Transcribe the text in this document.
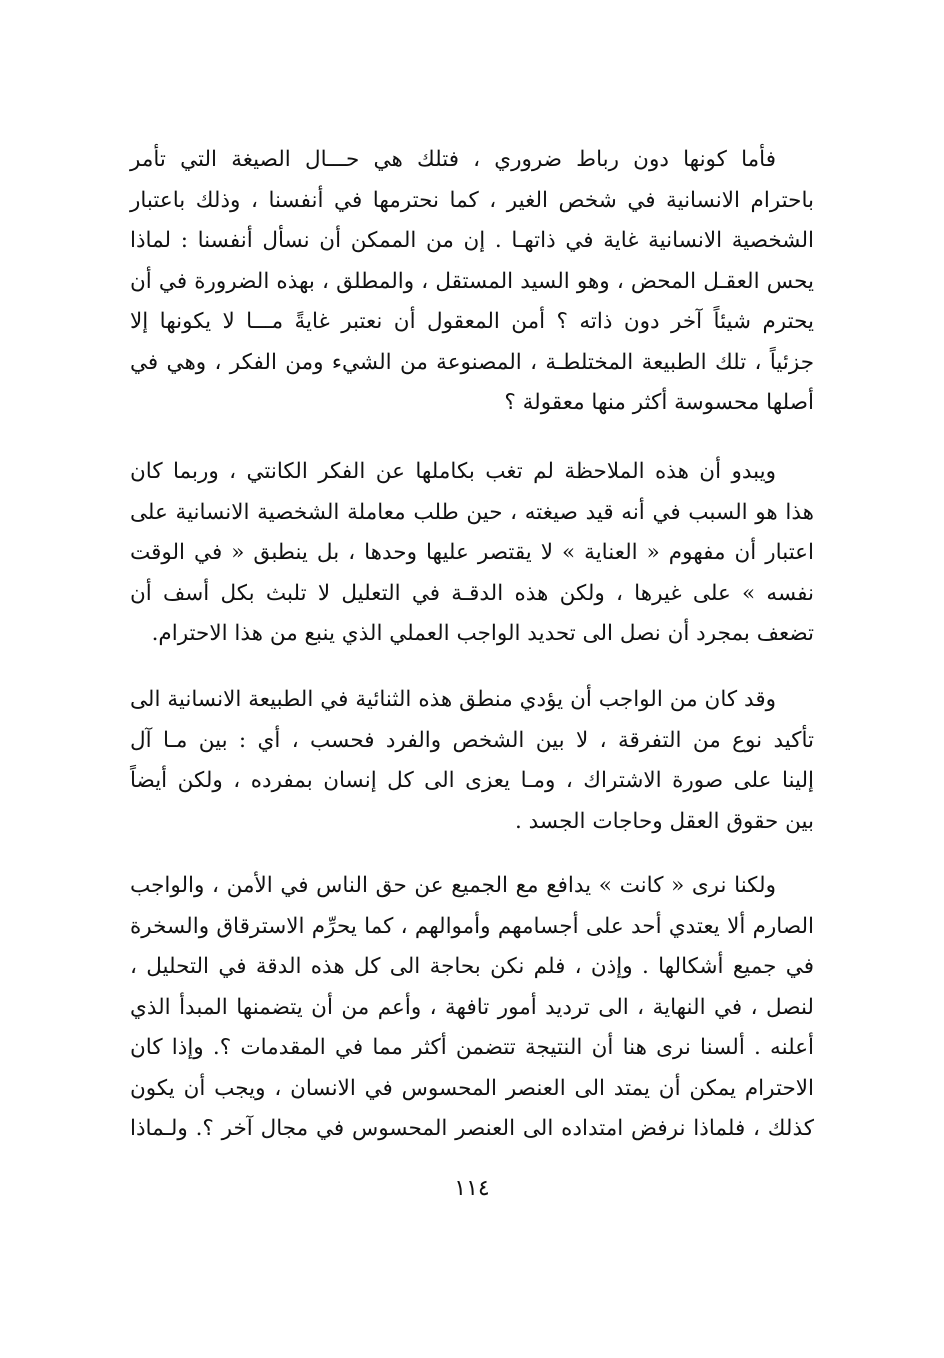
فأما كونها دون رباط ضروري ، فتلك هي حـــال الصيغة التي تأمر
باحترام الانسانية في شخص الغير ، كما نحترمها في أنفسنا ، وذلك باعتبار
الشخصية الانسانية غاية في ذاتهـا . إن من الممكن أن نسأل أنفسنا : لماذا
يحس العقـل المحض ، وهو السيد المستقل ، والمطلق ، بهذه الضرورة في أن
يحترم شيئاً آخر دون ذاته ؟ أمن المعقول أن نعتبر غايةً مـــا لا يكونها إلا
جزئياً ، تلك الطبيعة المختلطـة ، المصنوعة من الشيء ومن الفكر ، وهي في
أصلها محسوسة أكثر منها معقولة ؟

ويبدو أن هذه الملاحظة لم تغب بكاملها عن الفكر الكانتي ، وربما كان
هذا هو السبب في أنه قيد صيغته ، حين طلب معاملة الشخصية الانسانية على
اعتبار أن مفهوم « العناية » لا يقتصر عليها وحدها ، بل ينطبق « في الوقت
نفسه » على غيرها ، ولكن هذه الدقـة في التعليل لا تلبث بكل أسف أن
تضعف بمجرد أن نصل الى تحديد الواجب العملي الذي ينبع من هذا الاحترام.

وقد كان من الواجب أن يؤدي منطق هذه الثنائية في الطبيعة الانسانية الى
تأكيد نوع من التفرقة ، لا بين الشخص والفرد فحسب ، أي : بين مـا آل
إلينا على صورة الاشتراك ، ومـا يعزى الى كل إنسان بمفرده ، ولكن أيضاً
بين حقوق العقل وحاجات الجسد .

ولكنا نرى « كانت » يدافع مع الجميع عن حق الناس في الأمن ، والواجب
الصارم ألا يعتدي أحد على أجسامهم وأموالهم ، كما يحرِّم الاسترقاق والسخرة
في جميع أشكالها . وإذن ، فلم نكن بحاجة الى كل هذه الدقة في التحليل ،
لنصل ، في النهاية ، الى ترديد أمور تافهة ، وأعم من أن يتضمنها المبدأ الذي
أعلنه . ألسنا نرى هنا أن النتيجة تتضمن أكثر مما في المقدمات ؟. وإذا كان
الاحترام يمكن أن يمتد الى العنصر المحسوس في الانسان ، ويجب أن يكون
كذلك ، فلماذا نرفض امتداده الى العنصر المحسوس في مجال آخر ؟. ولـماذا

١١٤
